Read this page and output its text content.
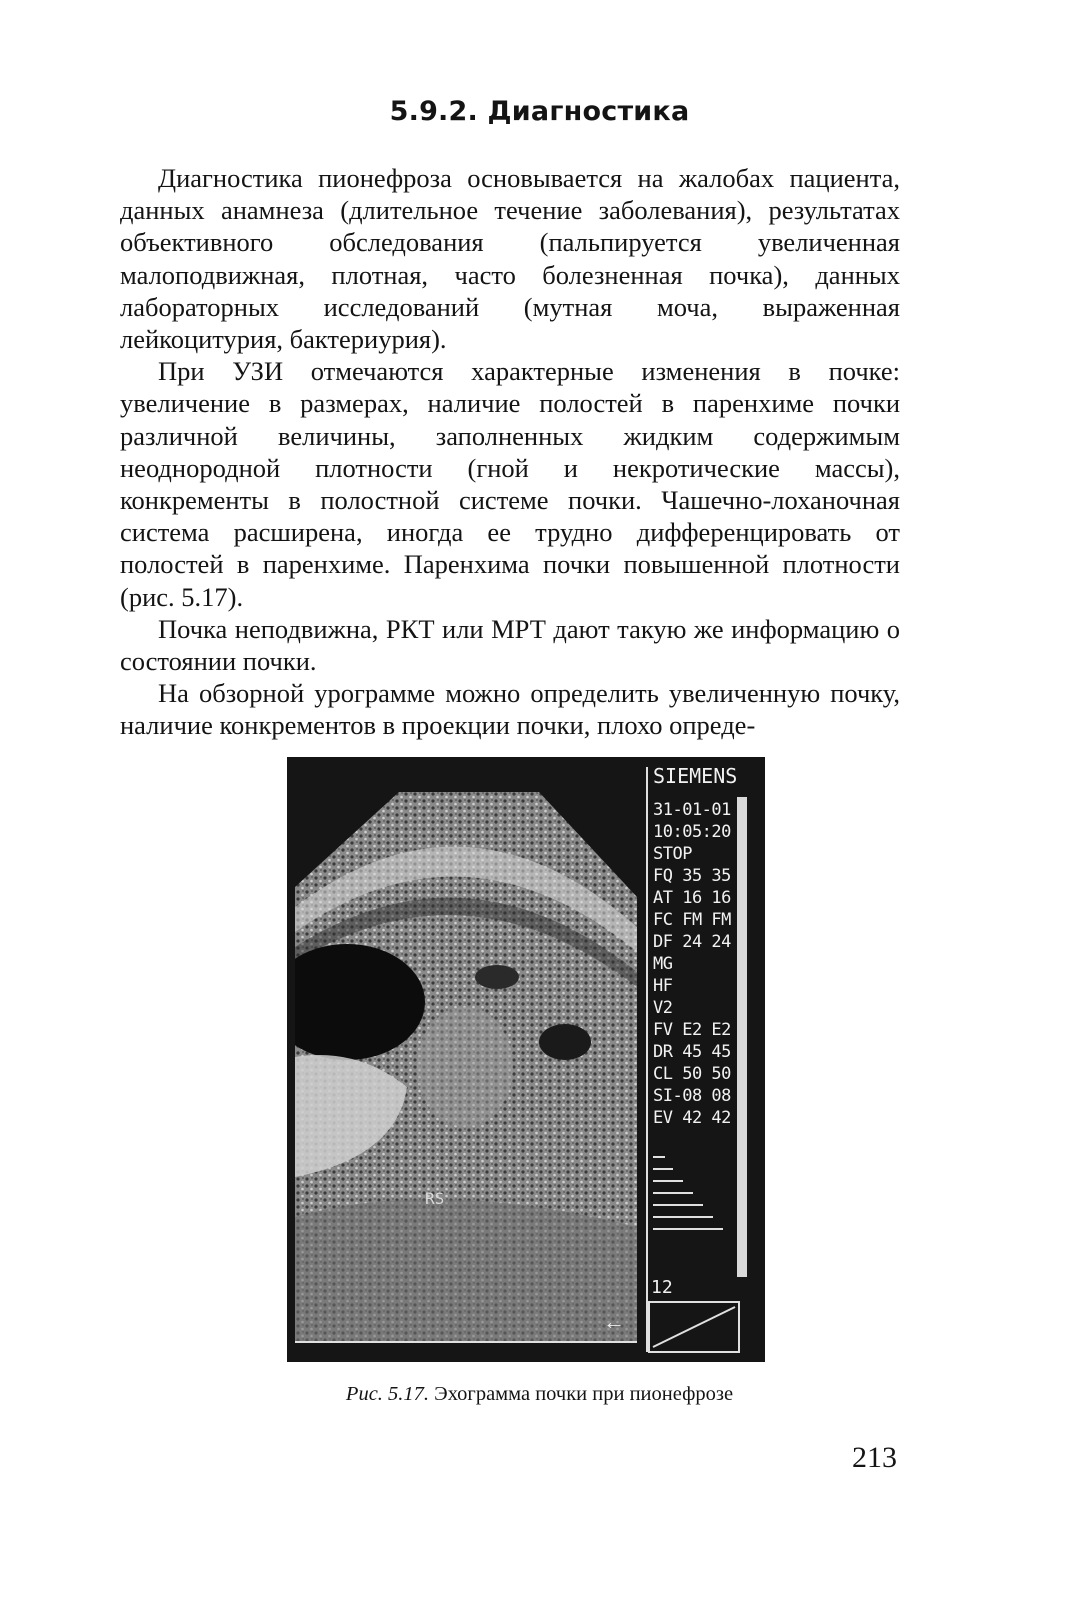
5.9.2. Диагностика

Диагностика пионефроза основывается на жалобах пациента, данных анамнеза (длительное течение заболевания), результатах объективного обследования (пальпируется увеличенная малоподвижная, плотная, часто болезненная почка), данных лабораторных исследований (мутная моча, выраженная лейкоцитурия, бактериурия).

При УЗИ отмечаются характерные изменения в почке: увеличение в размерах, наличие полостей в паренхиме почки различной величины, заполненных жидким содержимым неоднородной плотности (гной и некротические массы), конкременты в полостной системе почки. Чашечно-лоханочная система расширена, иногда ее трудно дифференцировать от полостей в паренхиме. Паренхима почки повышенной плотности (рис. 5.17).

Почка неподвижна, РКТ или МРТ дают такую же информацию о состоянии почки.

На обзорной урограмме можно определить увеличенную почку, наличие конкрементов в проекции почки, плохо опреде-

SIEMENS
31-01-01
10:05:20
STOP
FQ 35 35
AT 16 16
FC FM FM
DF 24 24
MG
HF
V2
FV E2 E2
DR 45 45
CL 50 50
SI-08 08
EV 42 42
12
RS
←
Рис. 5.17. Эхограмма почки при пионефрозе
213
